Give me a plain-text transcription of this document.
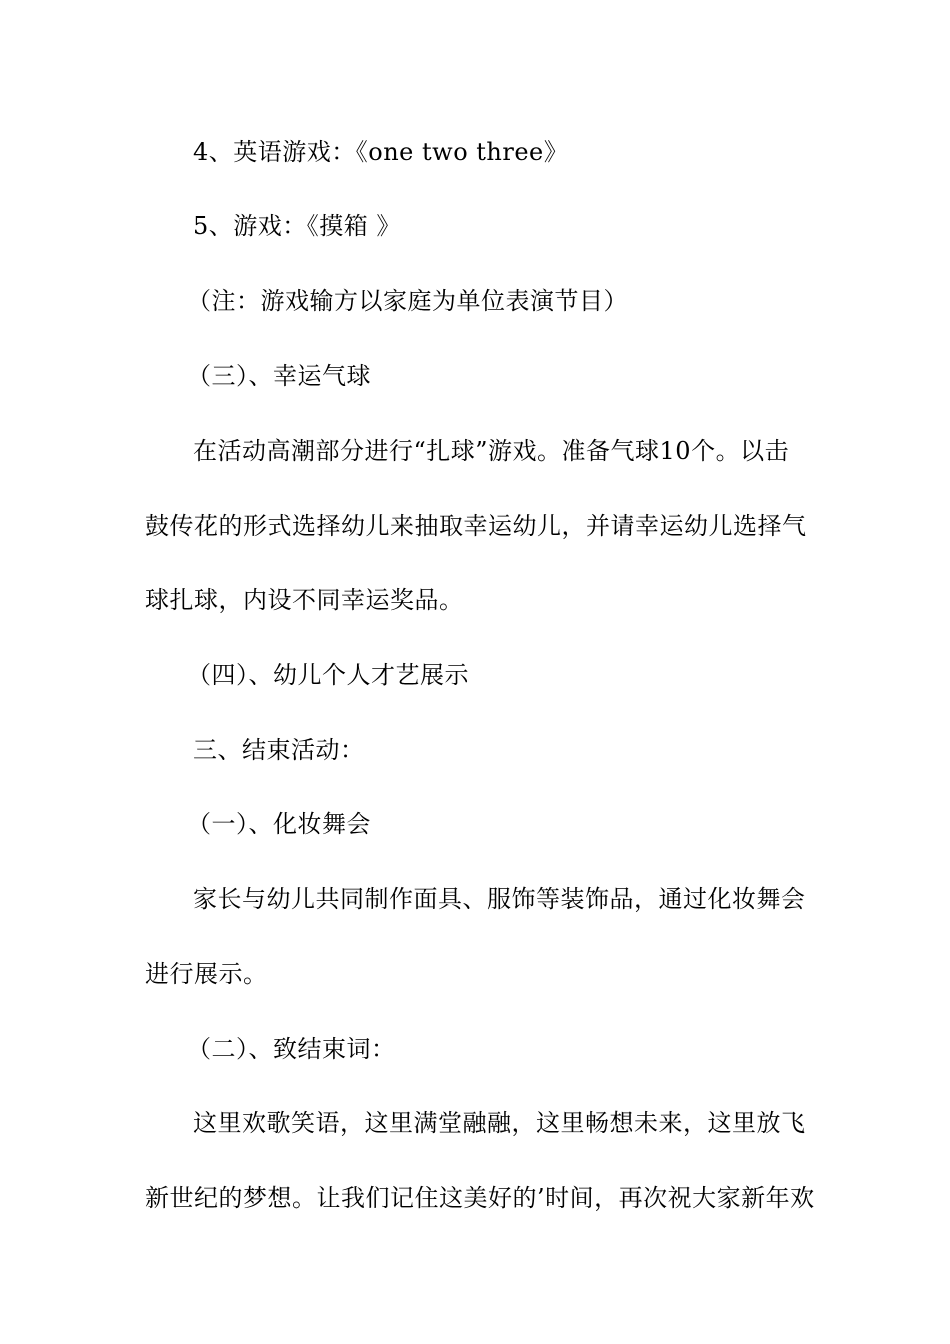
4、英语游戏：《one two three》
5、游戏：《摸箱 》
（注：游戏输方以家庭为单位表演节目）
（三）、幸运气球
在活动高潮部分进行“扎球”游戏。准备气球10个。以击
鼓传花的形式选择幼儿来抽取幸运幼儿，并请幸运幼儿选择气
球扎球，内设不同幸运奖品。
（四）、幼儿个人才艺展示
三、结束活动：
（一）、化妆舞会
家长与幼儿共同制作面具、服饰等装饰品，通过化妆舞会
进行展示。
（二）、致结束词：
这里欢歌笑语，这里满堂融融，这里畅想未来，这里放飞
新世纪的梦想。让我们记住这美好的’时间，再次祝大家新年欢
